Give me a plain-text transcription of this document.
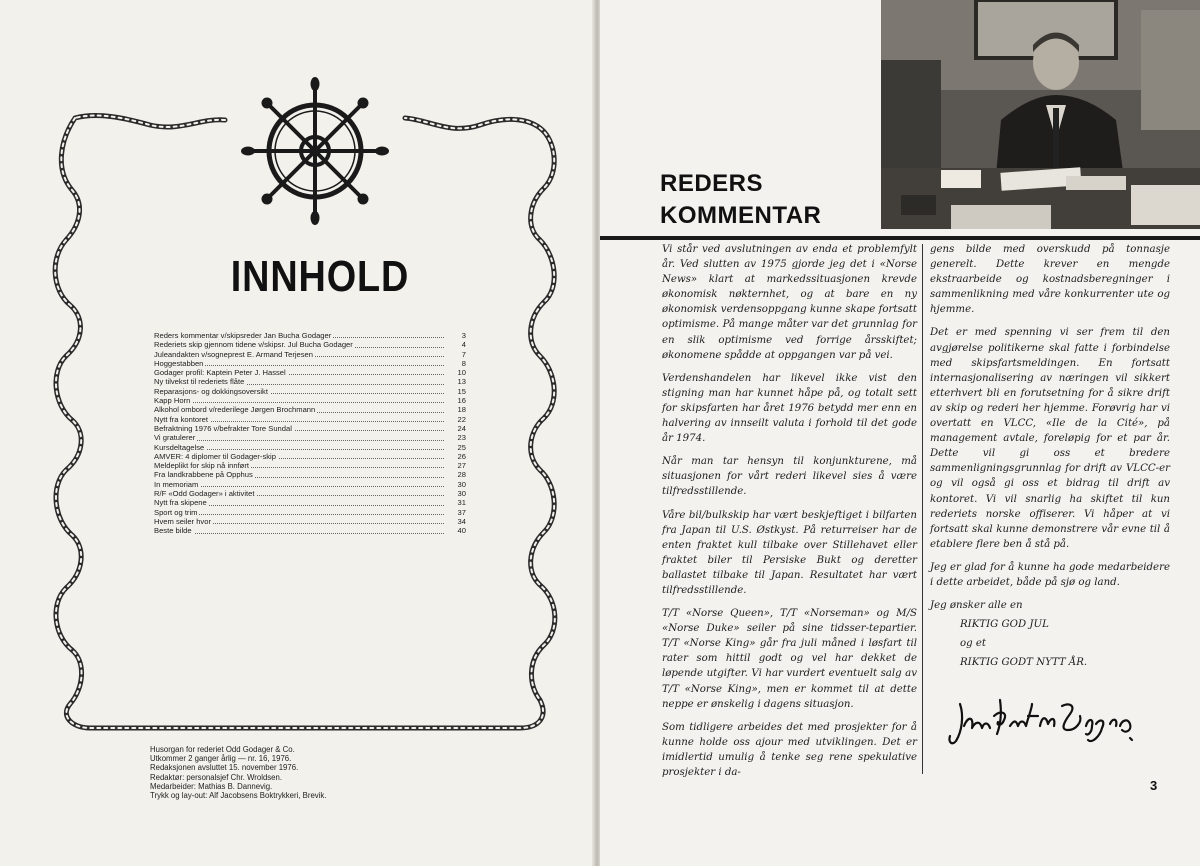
INNHOLD
Reders kommentar v/skipsreder Jan Bucha Godager	3
Rederiets skip gjennom tidene v/skipsr. Jul Bucha Godager	4
Juleandakten v/sogneprest E. Armand Terjesen	7
Hoggestabben	8
Godager profil: Kaptein Peter J. Hassel	10
Ny tilvekst til rederiets flåte	13
Reparasjons- og dokkingsoversikt	15
Kapp Horn	16
Alkohol ombord v/rederilege Jørgen Brochmann	18
Nytt fra kontoret	22
Befraktning 1976 v/befrakter Tore Sundal	24
Vi gratulerer	23
Kursdeltagelse	25
AMVER: 4 diplomer til Godager-skip	26
Meldeplikt for skip nå innført	27
Fra landkrabbene på Opphus	28
In memoriam	30
R/F «Odd Godager» i aktivitet	30
Nytt fra skipene	31
Sport og trim	37
Hvem seiler hvor	34
Beste bilde	40
Husorgan for rederiet Odd Godager & Co.
Utkommer 2 ganger årlig — nr. 16, 1976.
Redaksjonen avsluttet 15. november 1976.
Redaktør: personalsjef Chr. Wroldsen.
Medarbeider: Mathias B. Dannevig.
Trykk og lay-out: Alf Jacobsens Boktrykkeri, Brevik.
REDERS
KOMMENTAR

Vi står ved avslutningen av enda et problemfylt år. Ved slutten av 1975 gjorde jeg det i «Norse News» klart at markedssituasjonen krevde økonomisk nøkternhet, og at bare en ny økonomisk verdensoppgang kunne skape fortsatt optimisme. På mange måter var det grunnlag for en slik optimisme ved forrige årsskiftet; økonomene spådde at oppgangen var på vei.

Verdenshandelen har likevel ikke vist den stigning man har kunnet håpe på, og totalt sett for skipsfarten har året 1976 betydd mer enn en halvering av innseilt valuta i forhold til det gode år 1974.

Når man tar hensyn til konjunkturene, må situasjonen for vårt rederi likevel sies å være tilfredsstillende.

Våre bil/bulkskip har vært beskjeftiget i bilfarten fra Japan til U.S. Østkyst. På returreiser har de enten fraktet kull tilbake over Stillehavet eller fraktet biler til Persiske Bukt og deretter ballastet tilbake til Japan. Resultatet har vært tilfredsstillende.

T/T «Norse Queen», T/T «Norseman» og M/S «Norse Duke» seiler på sine tidsser-tepartier. T/T «Norse King» går fra juli måned i løsfart til rater som hittil godt og vel har dekket de løpende utgifter. Vi har vurdert eventuelt salg av T/T «Norse King», men er kommet til at dette neppe er ønskelig i dagens situasjon.

Som tidligere arbeides det med prosjekter for å kunne holde oss ajour med utviklingen. Det er imidlertid umulig å tenke seg rene spekulative prosjekter i da-

gens bilde med overskudd på tonnasje generelt. Dette krever en mengde ekstraarbeide og kostnadsberegninger i sammenlikning med våre konkurrenter ute og hjemme.

Det er med spenning vi ser frem til den avgjørelse politikerne skal fatte i forbindelse med skipsfartsmeldingen. En fortsatt internasjonalisering av næringen vil sikkert etterhvert bli en forutsetning for å sikre drift av skip og rederi her hjemme. Forøvrig har vi overtatt en VLCC, «Ile de la Cité», på management avtale, foreløpig for et par år. Dette vil gi oss et bredere sammenligningsgrunnlag for drift av VLCC-er og vil også gi oss et bidrag til drift av kontoret. Vi vil snarlig ha skiftet til kun rederiets norske offiserer. Vi håper at vi fortsatt skal kunne demonstrere vår evne til å etablere flere ben å stå på.

Jeg er glad for å kunne ha gode medarbeidere i dette arbeidet, både på sjø og land.

Jeg ønsker alle en

RIKTIG GOD JUL

og et

RIKTIG GODT NYTT ÅR.

3
